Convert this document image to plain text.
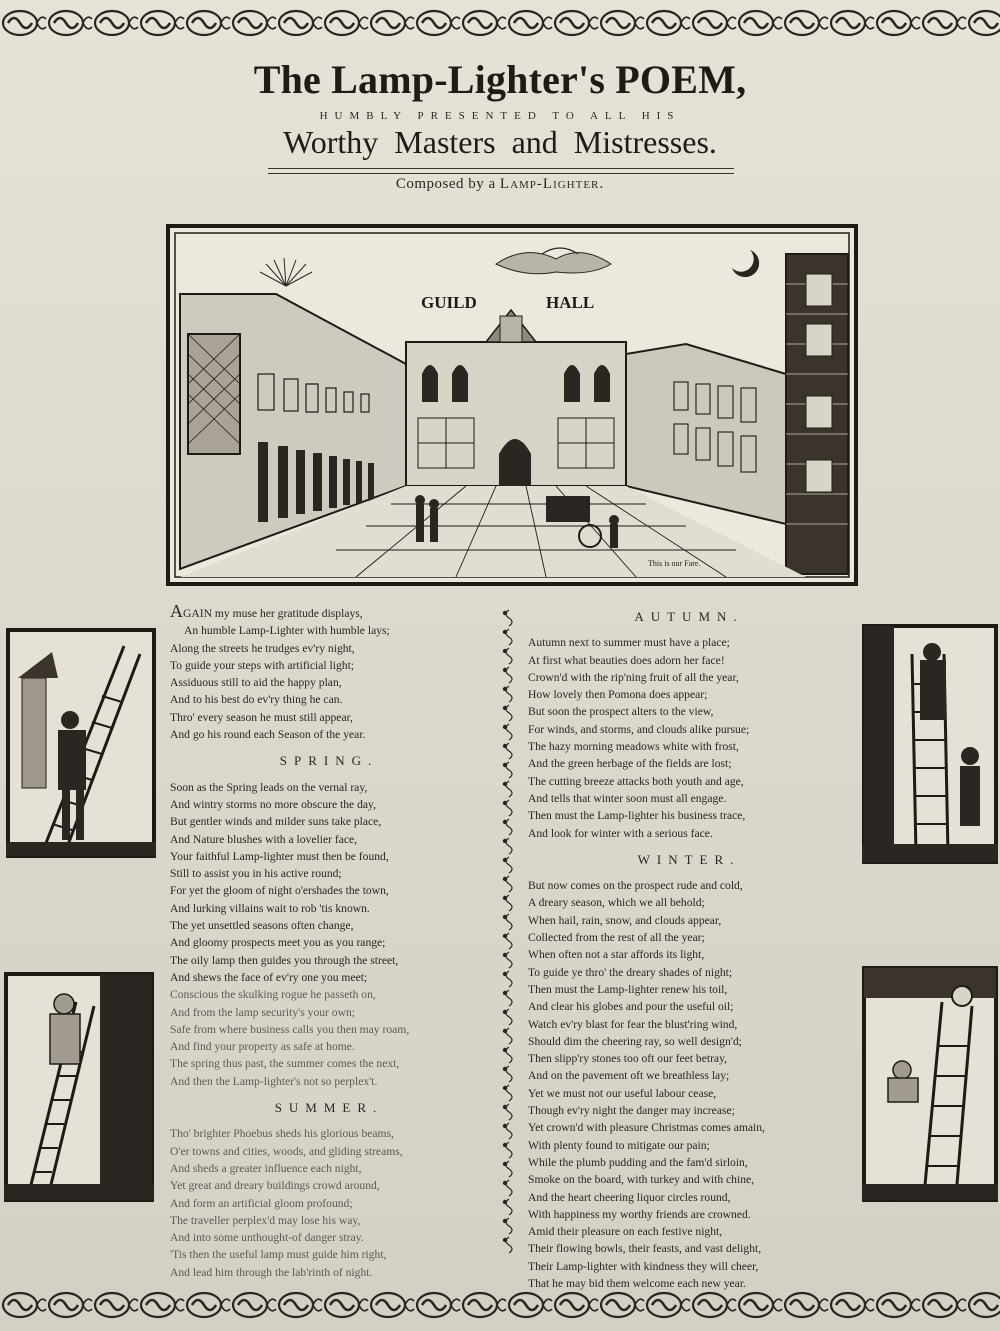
The Lamp-Lighter's POEM,
HUMBLY PRESENTED TO ALL HIS
Worthy Masters and Mistresses.
Composed by a Lamp-Lighter.
GUILD	HALL
This is our Fare.
AGAIN my muse her gratitude displays,
An humble Lamp-Lighter with humble lays;
Along the streets he trudges ev'ry night,
To guide your steps with artificial light;
Assiduous still to aid the happy plan,
And to his best do ev'ry thing he can.
Thro' every season he must still appear,
And go his round each Season of the year.
SPRING.
Soon as the Spring leads on the vernal ray,
And wintry storms no more obscure the day,
But gentler winds and milder suns take place,
And Nature blushes with a lovelier face,
Your faithful Lamp-lighter must then be found,
Still to assist you in his active round;
For yet the gloom of night o'ershades the town,
And lurking villains wait to rob 'tis known.
The yet unsettled seasons often change,
And gloomy prospects meet you as you range;
The oily lamp then guides you through the street,
And shews the face of ev'ry one you meet;
Conscious the skulking rogue he passeth on,
And from the lamp security's your own;
Safe from where business calls you then may roam,
And find your property as safe at home.
The spring thus past, the summer comes the next,
And then the Lamp-lighter's not so perplex't.
SUMMER.
Tho' brighter Phoebus sheds his glorious beams,
O'er towns and cities, woods, and gliding streams,
And sheds a greater influence each night,
Yet great and dreary buildings crowd around,
And form an artificial gloom profound;
The traveller perplex'd may lose his way,
And into some unthought-of danger stray.
'Tis then the useful lamp must guide him right,
And lead him through the lab'rinth of night.
AUTUMN.
Autumn next to summer must have a place;
At first what beauties does adorn her face!
Crown'd with the rip'ning fruit of all the year,
How lovely then Pomona does appear;
But soon the prospect alters to the view,
For winds, and storms, and clouds alike pursue;
The hazy morning meadows white with frost,
And the green herbage of the fields are lost;
The cutting breeze attacks both youth and age,
And tells that winter soon must all engage.
Then must the Lamp-lighter his business trace,
And look for winter with a serious face.
WINTER.
But now comes on the prospect rude and cold,
A dreary season, which we all behold;
When hail, rain, snow, and clouds appear,
Collected from the rest of all the year;
When often not a star affords its light,
To guide ye thro' the dreary shades of night;
Then must the Lamp-lighter renew his toil,
And clear his globes and pour the useful oil;
Watch ev'ry blast for fear the blust'ring wind,
Should dim the cheering ray, so well design'd;
Then slipp'ry stones too oft our feet betray,
And on the pavement oft we breathless lay;
Yet we must not our useful labour cease,
Though ev'ry night the danger may increase;
Yet crown'd with pleasure Christmas comes amain,
With plenty found to mitigate our pain;
While the plumb pudding and the fam'd sirloin,
Smoke on the board, with turkey and with chine,
And the heart cheering liquor circles round,
With happiness my worthy friends are crowned.
Amid their pleasure on each festive night,
Their flowing bowls, their feasts, and vast delight,
Their Lamp-lighter with kindness they will cheer,
That he may bid them welcome each new year.
